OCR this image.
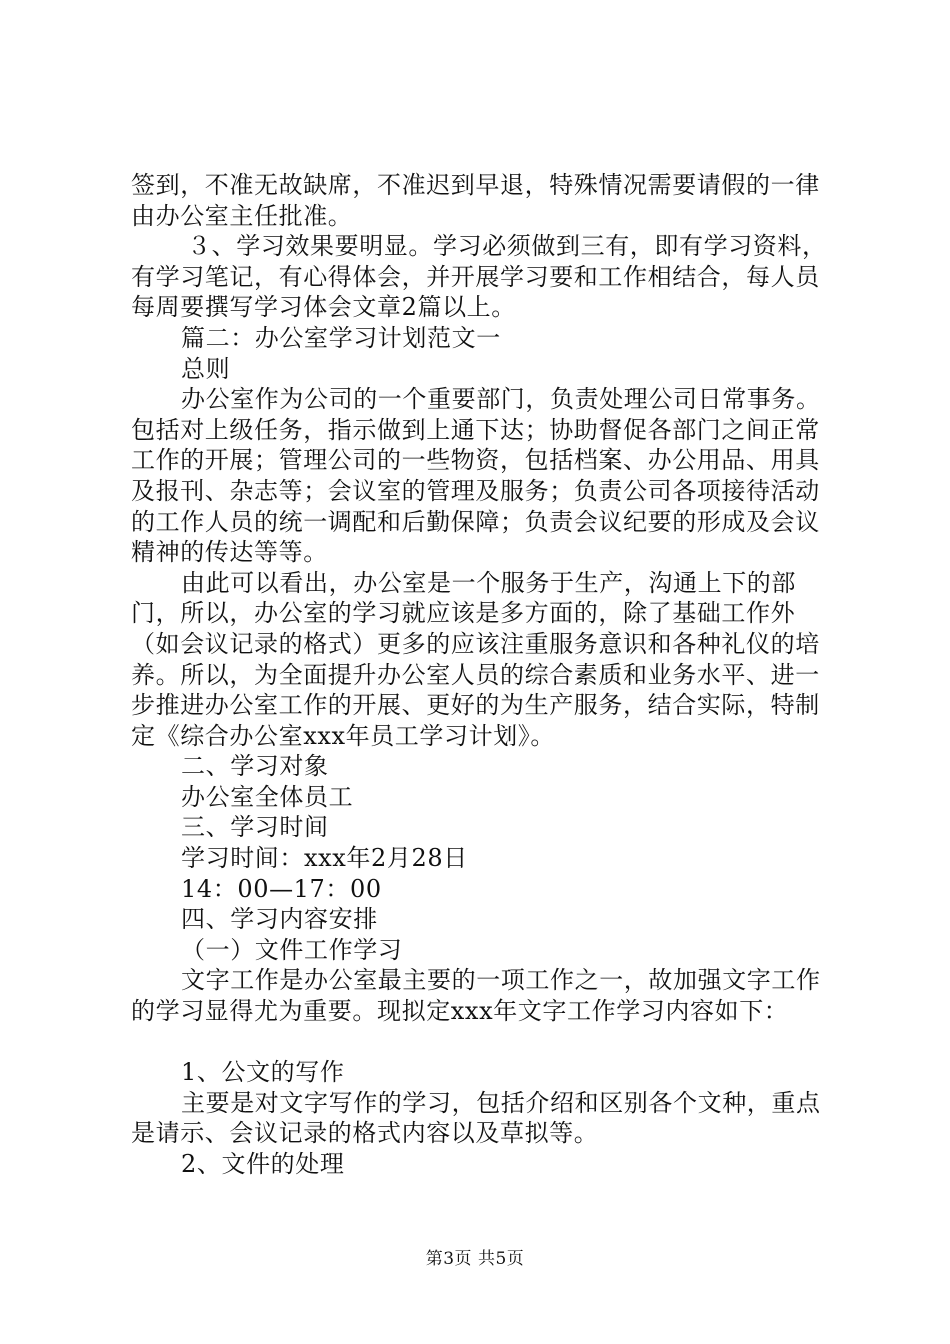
签到，不准无故缺席，不准迟到早退，特殊情况需要请假的一律由办公室主任批准。

３、学习效果要明显。学习必须做到三有，即有学习资料，有学习笔记，有心得体会，并开展学习要和工作相结合，每人员每周要撰写学习体会文章2篇以上。

篇二：办公室学习计划范文一

总则

办公室作为公司的一个重要部门，负责处理公司日常事务。包括对上级任务，指示做到上通下达；协助督促各部门之间正常工作的开展；管理公司的一些物资，包括档案、办公用品、用具及报刊、杂志等；会议室的管理及服务；负责公司各项接待活动的工作人员的统一调配和后勤保障；负责会议纪要的形成及会议精神的传达等等。

由此可以看出，办公室是一个服务于生产，沟通上下的部门，所以，办公室的学习就应该是多方面的，除了基础工作外（如会议记录的格式）更多的应该注重服务意识和各种礼仪的培养。所以，为全面提升办公室人员的综合素质和业务水平、进一步推进办公室工作的开展、更好的为生产服务，结合实际，特制定《综合办公室xxx年员工学习计划》。

二、学习对象

办公室全体员工

三、学习时间

学习时间：xxx年2月28日

14：00—17：00

四、学习内容安排

（一）文件工作学习

文字工作是办公室最主要的一项工作之一，故加强文字工作的学习显得尤为重要。现拟定xxx年文字工作学习内容如下：

1、公文的写作

主要是对文字写作的学习，包括介绍和区别各个文种，重点是请示、会议记录的格式内容以及草拟等。

2、文件的处理

第3页 共5页
